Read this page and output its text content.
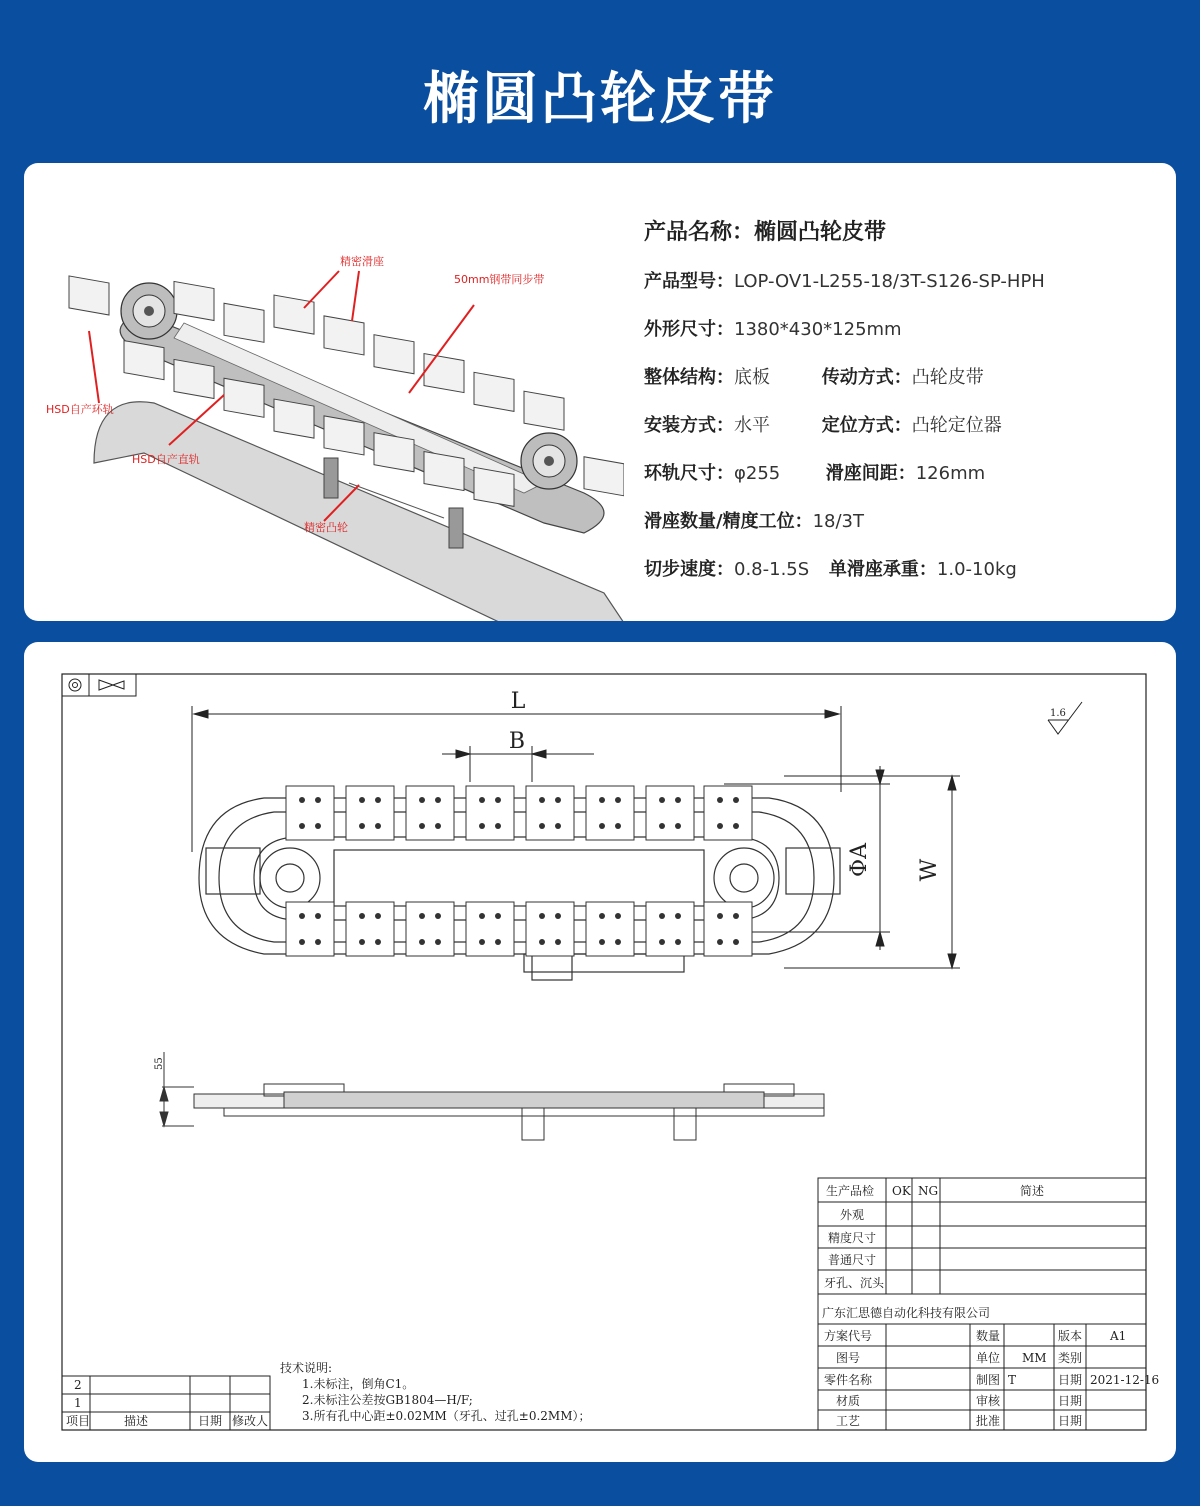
椭圆凸轮皮带
精密滑座
50mm钢带同步带
HSD自产环轨
HSD自产直轨
精密凸轮
产品名称：椭圆凸轮皮带
产品型号：LOP-OV1-L255-18/3T-S126-SP-HPH
外形尺寸：1380*430*125mm
整体结构：底板	传动方式：凸轮皮带
安装方式：水平	定位方式：凸轮定位器
环轨尺寸：φ255	滑座间距：126mm
滑座数量/精度工位：18/3T
切步速度：0.8-1.5S 单滑座承重：1.0-10kg
L
B
ΦA W
1.6
55
技术说明:
1.未标注，倒角C1。
2.未标注公差按GB1804—H/F;
3.所有孔中心距±0.02MM（牙孔、过孔±0.2MM）；
2
1
项目	描述	日期 修改人
生产品检 OK NG	简述
外观
精度尺寸
普通尺寸
牙孔、沉头
广东汇思德自动化科技有限公司
方案代号	数量	版本 A1
图号	单位 MM 类别
零件名称	制图 T	日期 2021-12-16
材质	审核	日期
工艺	批准	日期
